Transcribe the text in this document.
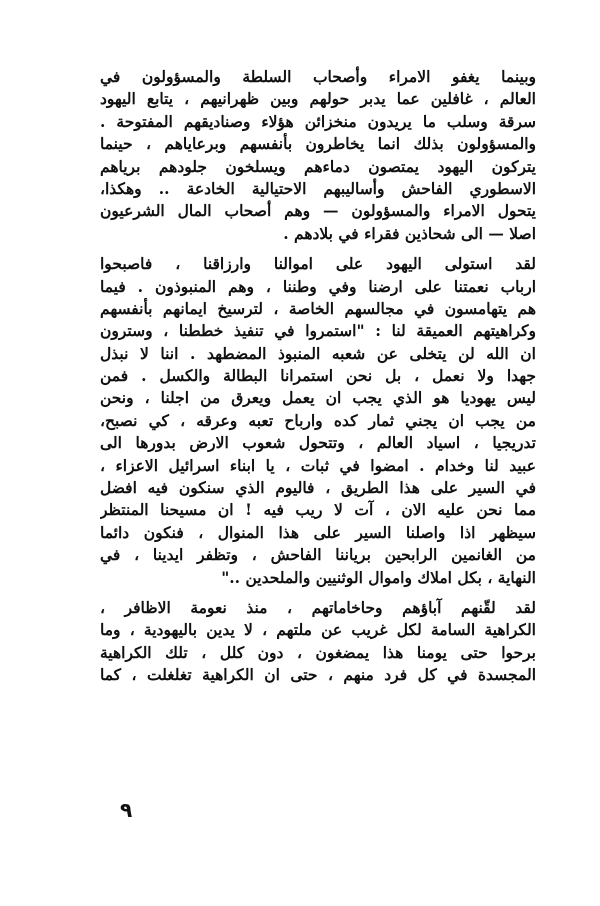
وبينما يغفو الامراء وأصحاب السلطة والمسؤولون في
العالم ، غافلين عما يدبر حولهم وبين ظهرانيهم ، يتابع اليهود
سرقة وسلب ما يريدون منخزائن هؤلاء وصناديقهم المفتوحة .
والمسؤولون بذلك انما يخاطرون بأنفسهم وبرعاياهم ، حينما
يتركون اليهود يمتصون دماءهم ويسلخون جلودهم برياهم
الاسطوري الفاحش وأساليبهم الاحتيالية الخادعة .. وهكذا،
يتحول الامراء والمسؤولون — وهم أصحاب المال الشرعيون
اصلا — الى شحاذين فقراء في بلادهم .

لقد استولى اليهود على اموالنا وارزاقنا ، فاصبحوا
ارباب نعمتنا على ارضنا وفي وطننا ، وهم المنبوذون . فيما
هم يتهامسون في مجالسهم الخاصة ، لترسيخ ايمانهم بأنفسهم
وكراهيتهم العميقة لنا : "استمروا في تنفيذ خططنا ، وسترون
ان الله لن يتخلى عن شعبه المنبوذ المضطهد . اننا لا نبذل
جهدا ولا نعمل ، بل نحن استمرانا البطالة والكسل . فمن
ليس يهوديا هو الذي يجب ان يعمل ويعرق من اجلنا ، ونحن
من يجب ان يجني ثمار كده وارباح تعبه وعرقه ، كي نصبح،
تدريجيا ، اسياد العالم ، وتتحول شعوب الارض بدورها الى
عبيد لنا وخدام . امضوا في ثبات ، يا ابناء اسرائيل الاعزاء ،
في السير على هذا الطريق ، فاليوم الذي سنكون فيه افضل
مما نحن عليه الان ، آت لا ريب فيه ! ان مسيحنا المنتظر
سيظهر اذا واصلنا السير على هذا المنوال ، فنكون دائما
من الغانمين الرابحين برياننا الفاحش ، وتظفر ايدينا ، في
النهاية ، بكل املاك واموال الوثنيين والملحدين .."

لقد لقّنهم آباؤهم وحاخاماتهم ، منذ نعومة الاظافر ،
الكراهية السامة لكل غريب عن ملتهم ، لا يدين باليهودية ، وما
برحوا حتى يومنا هذا يمضغون ، دون كلل ، تلك الكراهية
المجسدة في كل فرد منهم ، حتى ان الكراهية تغلغلت ، كما

٩
